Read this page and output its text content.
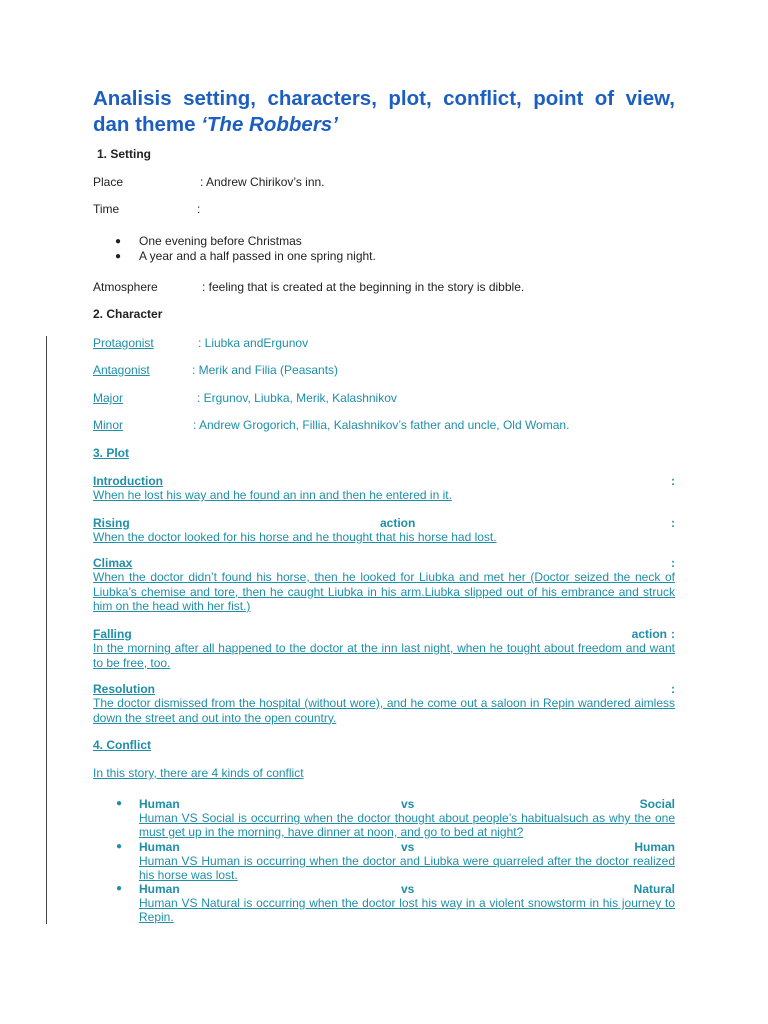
Analisis setting, characters, plot, conflict, point of view, dan theme ‘The Robbers’
1. Setting
Place	: Andrew Chirikov’s inn.
Time	:
● One evening before Christmas
● A year and a half passed in one spring night.
Atmosphere	: feeling that is created at the beginning in the story is dibble.
2. Character
Protagonist	: Liubka andErgunov
Antagonist	: Merik and Filia (Peasants)
Major	: Ergunov, Liubka, Merik, Kalashnikov
Minor	: Andrew Grogorich, Fillia, Kalashnikov’s father and uncle, Old Woman.
3. Plot
Introduction	:
When he lost his way and he found an inn and then he entered in it.
Rising	action	:
When the doctor looked for his horse and he thought that his horse had lost.
Climax	:
When the doctor didn’t found his horse, then he looked for Liubka and met her (Doctor seized the neck of Liubka’s chemise and tore, then he caught Liubka in his arm.Liubka slipped out of his embrance and struck him on the head with her fist.)
Falling	action :
In the morning after all happened to the doctor at the inn last night, when he tought about freedom and want to be free, too.
Resolution	:
The doctor dismissed from the hospital (without wore), and he come out a saloon in Repin wandered aimless down the street and out into the open country.
4. Conflict
In this story, there are 4 kinds of conflict
● Human	vs	Social
Human VS Social is occurring when the doctor thought about people’s habitualsuch as why the one must get up in the morning, have dinner at noon, and go to bed at night?
● Human	vs	Human
Human VS Human is occurring when the doctor and Liubka were quarreled after the doctor realized his horse was lost.
● Human	vs	Natural
Human VS Natural is occurring when the doctor lost his way in a violent snowstorm in his journey to Repin.
